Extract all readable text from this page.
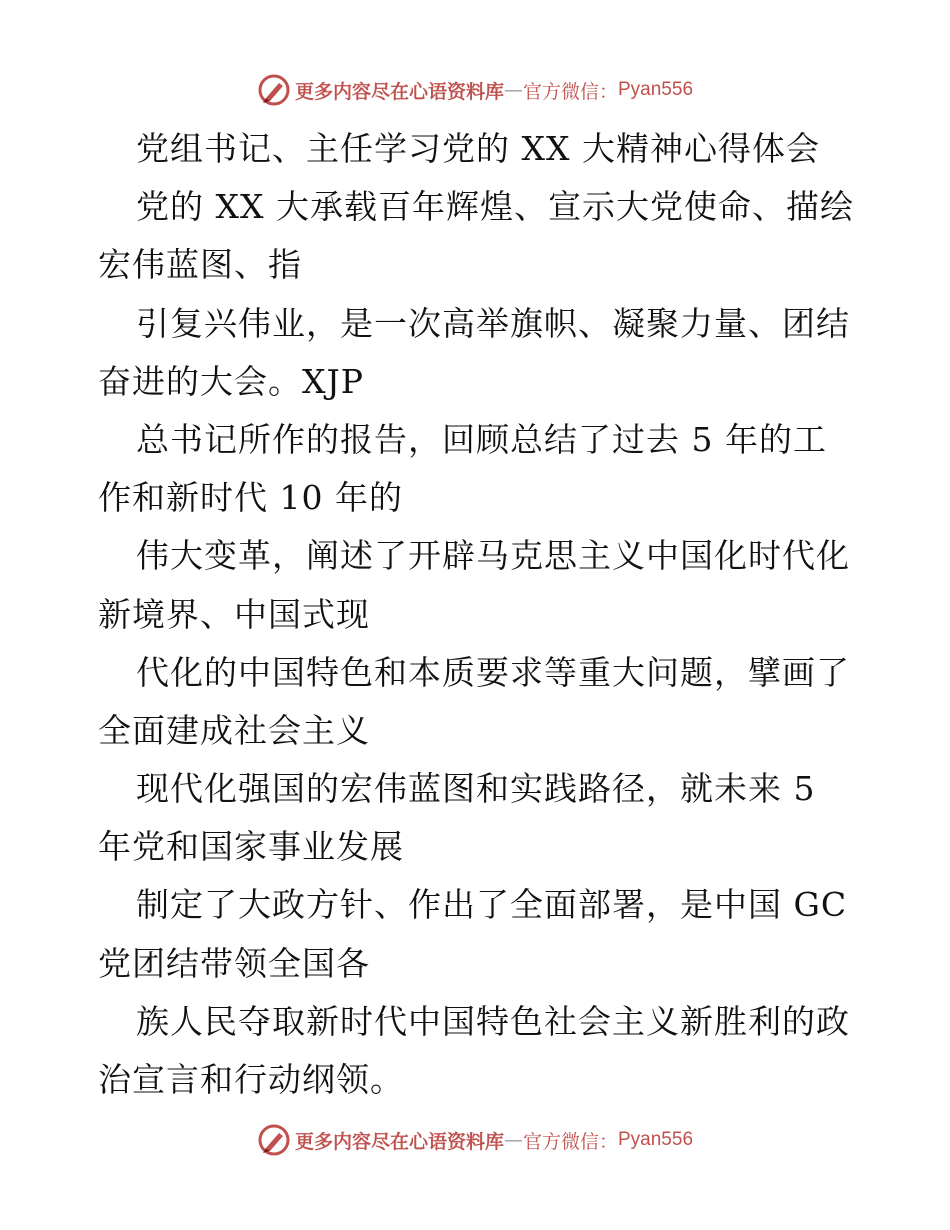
更多内容尽在心语资料库 — 官方微信： Pyan556
党组书记、主任学习党的 XX 大精神心得体会
党的 XX 大承载百年辉煌、宣示大党使命、描绘
宏伟蓝图、指
引复兴伟业，是一次高举旗帜、凝聚力量、团结
奋进的大会。XJP
总书记所作的报告，回顾总结了过去 5 年的工
作和新时代 10 年的
伟大变革，阐述了开辟马克思主义中国化时代化
新境界、中国式现
代化的中国特色和本质要求等重大问题，擘画了
全面建成社会主义
现代化强国的宏伟蓝图和实践路径，就未来 5
年党和国家事业发展
制定了大政方针、作出了全面部署，是中国 GC
党团结带领全国各
族人民夺取新时代中国特色社会主义新胜利的政
治宣言和行动纲领。
更多内容尽在心语资料库 — 官方微信： Pyan556
